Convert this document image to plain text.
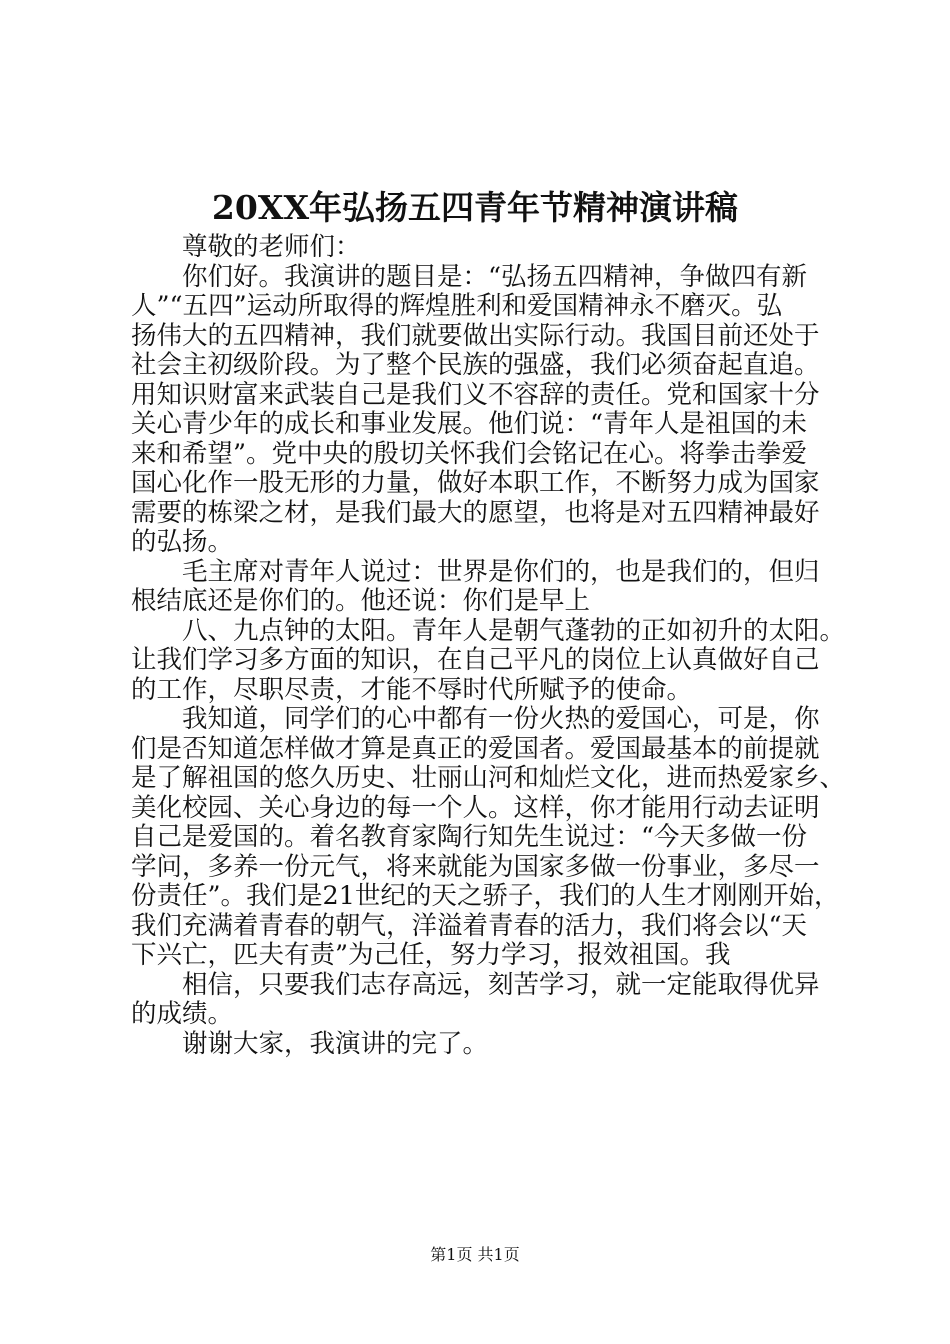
20XX年弘扬五四青年节精神演讲稿

尊敬的老师们：

你们好。我演讲的题目是：“弘扬五四精神，争做四有新

人”“五四”运动所取得的辉煌胜利和爱国精神永不磨灭。弘

扬伟大的五四精神，我们就要做出实际行动。我国目前还处于

社会主初级阶段。为了整个民族的强盛，我们必须奋起直追。

用知识财富来武装自己是我们义不容辞的责任。党和国家十分

关心青少年的成长和事业发展。他们说：“青年人是祖国的未

来和希望”。党中央的殷切关怀我们会铭记在心。将拳击拳爱

国心化作一股无形的力量，做好本职工作，不断努力成为国家

需要的栋梁之材，是我们最大的愿望，也将是对五四精神最好

的弘扬。

毛主席对青年人说过：世界是你们的，也是我们的，但归

根结底还是你们的。他还说：你们是早上

八、九点钟的太阳。青年人是朝气蓬勃的正如初升的太阳。

让我们学习多方面的知识，在自己平凡的岗位上认真做好自己

的工作，尽职尽责，才能不辱时代所赋予的使命。

我知道，同学们的心中都有一份火热的爱国心，可是，你

们是否知道怎样做才算是真正的爱国者。爱国最基本的前提就

是了解祖国的悠久历史、壮丽山河和灿烂文化，进而热爱家乡、

美化校园、关心身边的每一个人。这样，你才能用行动去证明

自己是爱国的。着名教育家陶行知先生说过：“今天多做一份

学问，多养一份元气，将来就能为国家多做一份事业，多尽一

份责任”。我们是21世纪的天之骄子，我们的人生才刚刚开始，

我们充满着青春的朝气，洋溢着青春的活力，我们将会以“天

下兴亡，匹夫有责”为己任，努力学习，报效祖国。我

相信，只要我们志存高远，刻苦学习，就一定能取得优异

的成绩。

谢谢大家，我演讲的完了。

第1页 共1页
